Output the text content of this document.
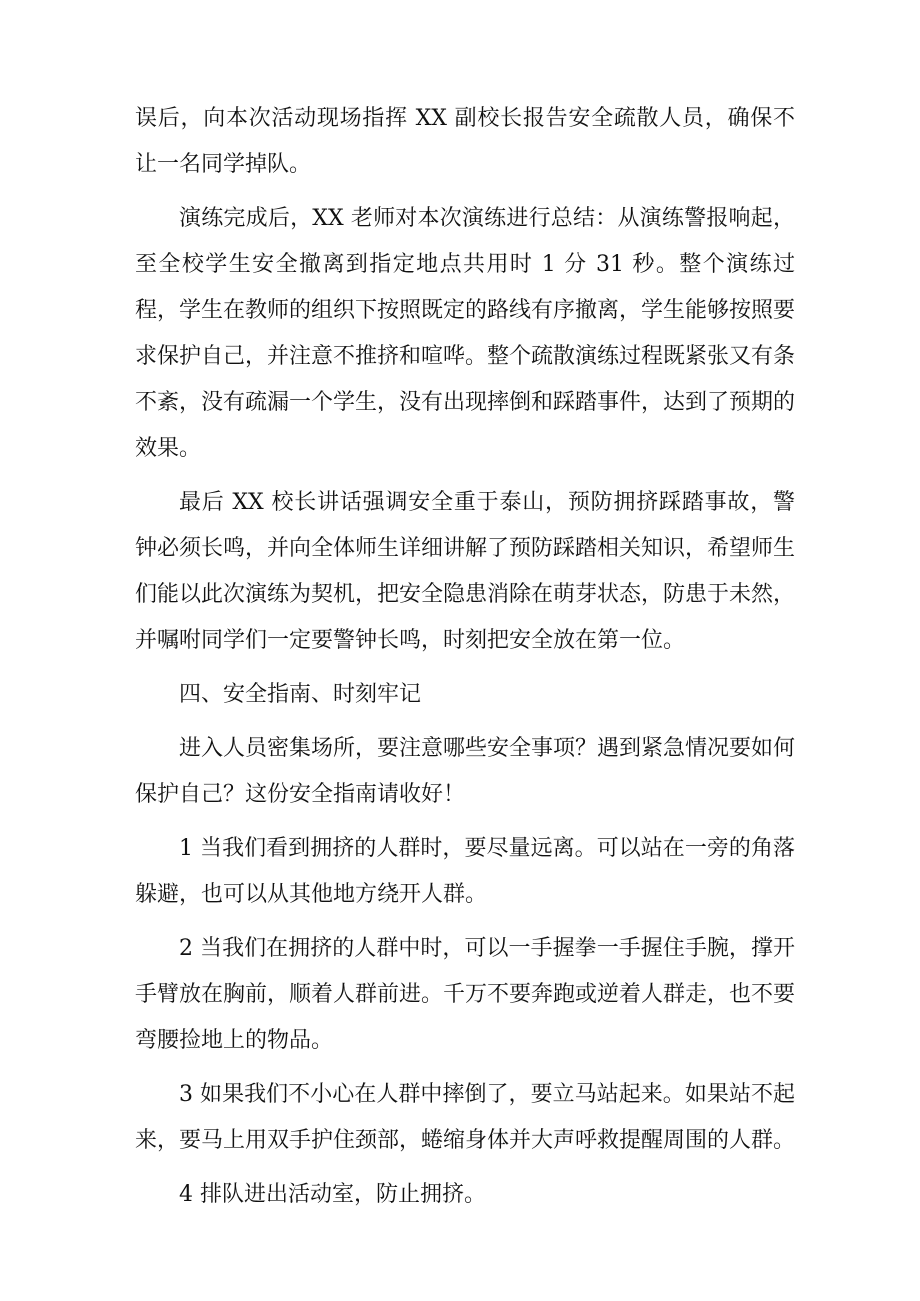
误后，向本次活动现场指挥 XX 副校长报告安全疏散人员，确保不让一名同学掉队。

演练完成后，XX 老师对本次演练进行总结：从演练警报响起，至全校学生安全撤离到指定地点共用时 1 分 31 秒。整个演练过程，学生在教师的组织下按照既定的路线有序撤离，学生能够按照要求保护自己，并注意不推挤和喧哗。整个疏散演练过程既紧张又有条不紊，没有疏漏一个学生，没有出现摔倒和踩踏事件，达到了预期的效果。

最后 XX 校长讲话强调安全重于泰山，预防拥挤踩踏事故，警钟必须长鸣，并向全体师生详细讲解了预防踩踏相关知识，希望师生们能以此次演练为契机，把安全隐患消除在萌芽状态，防患于未然，并嘱咐同学们一定要警钟长鸣，时刻把安全放在第一位。

四、安全指南、时刻牢记

进入人员密集场所，要注意哪些安全事项？遇到紧急情况要如何保护自己？这份安全指南请收好！

1 当我们看到拥挤的人群时，要尽量远离。可以站在一旁的角落躲避，也可以从其他地方绕开人群。

2 当我们在拥挤的人群中时，可以一手握拳一手握住手腕，撑开手臂放在胸前，顺着人群前进。千万不要奔跑或逆着人群走，也不要弯腰捡地上的物品。

3 如果我们不小心在人群中摔倒了，要立马站起来。如果站不起来，要马上用双手护住颈部，蜷缩身体并大声呼救提醒周围的人群。

4 排队进出活动室，防止拥挤。
